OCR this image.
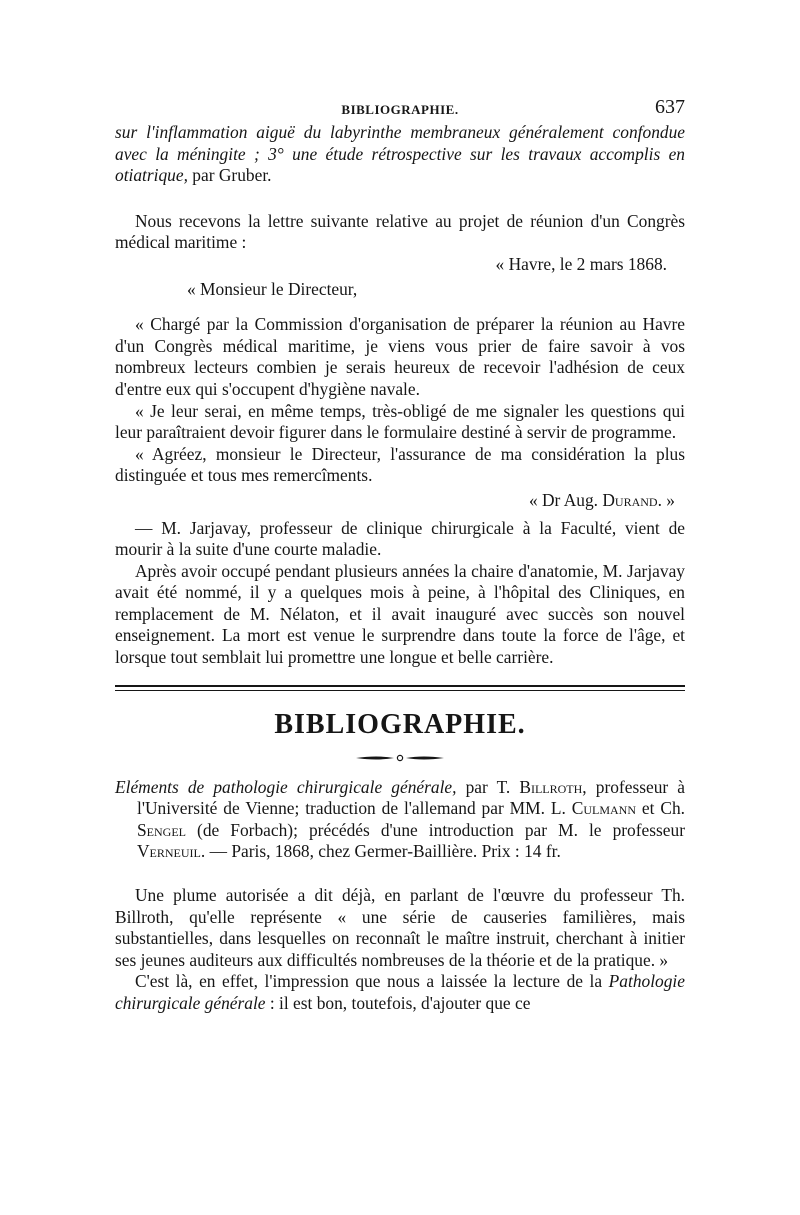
BIBLIOGRAPHIE.	637

sur l'inflammation aiguë du labyrinthe membraneux généralement confondue avec la méningite ; 3° une étude rétrospective sur les travaux accomplis en otiatrique, par Gruber.

Nous recevons la lettre suivante relative au projet de réunion d'un Congrès médical maritime :

« Havre, le 2 mars 1868.

« Monsieur le Directeur,

« Chargé par la Commission d'organisation de préparer la réunion au Havre d'un Congrès médical maritime, je viens vous prier de faire savoir à vos nombreux lecteurs combien je serais heureux de recevoir l'adhésion de ceux d'entre eux qui s'occupent d'hygiène navale.

« Je leur serai, en même temps, très-obligé de me signaler les questions qui leur paraîtraient devoir figurer dans le formulaire destiné à servir de programme.

« Agréez, monsieur le Directeur, l'assurance de ma considération la plus distinguée et tous mes remercîments.

« Dr Aug. Durand. »

— M. Jarjavay, professeur de clinique chirurgicale à la Faculté, vient de mourir à la suite d'une courte maladie.

Après avoir occupé pendant plusieurs années la chaire d'anatomie, M. Jarjavay avait été nommé, il y a quelques mois à peine, à l'hôpital des Cliniques, en remplacement de M. Nélaton, et il avait inauguré avec succès son nouvel enseignement. La mort est venue le surprendre dans toute la force de l'âge, et lorsque tout semblait lui promettre une longue et belle carrière.

BIBLIOGRAPHIE.

Eléments de pathologie chirurgicale générale, par T. Billroth, professeur à l'Université de Vienne; traduction de l'allemand par MM. L. Culmann et Ch. Sengel (de Forbach); précédés d'une introduction par M. le professeur Verneuil. — Paris, 1868, chez Germer-Baillière. Prix : 14 fr.

Une plume autorisée a dit déjà, en parlant de l'œuvre du professeur Th. Billroth, qu'elle représente « une série de causeries familières, mais substantielles, dans lesquelles on reconnaît le maître instruit, cherchant à initier ses jeunes auditeurs aux difficultés nombreuses de la théorie et de la pratique. »

C'est là, en effet, l'impression que nous a laissée la lecture de la Pathologie chirurgicale générale : il est bon, toutefois, d'ajouter que ce
